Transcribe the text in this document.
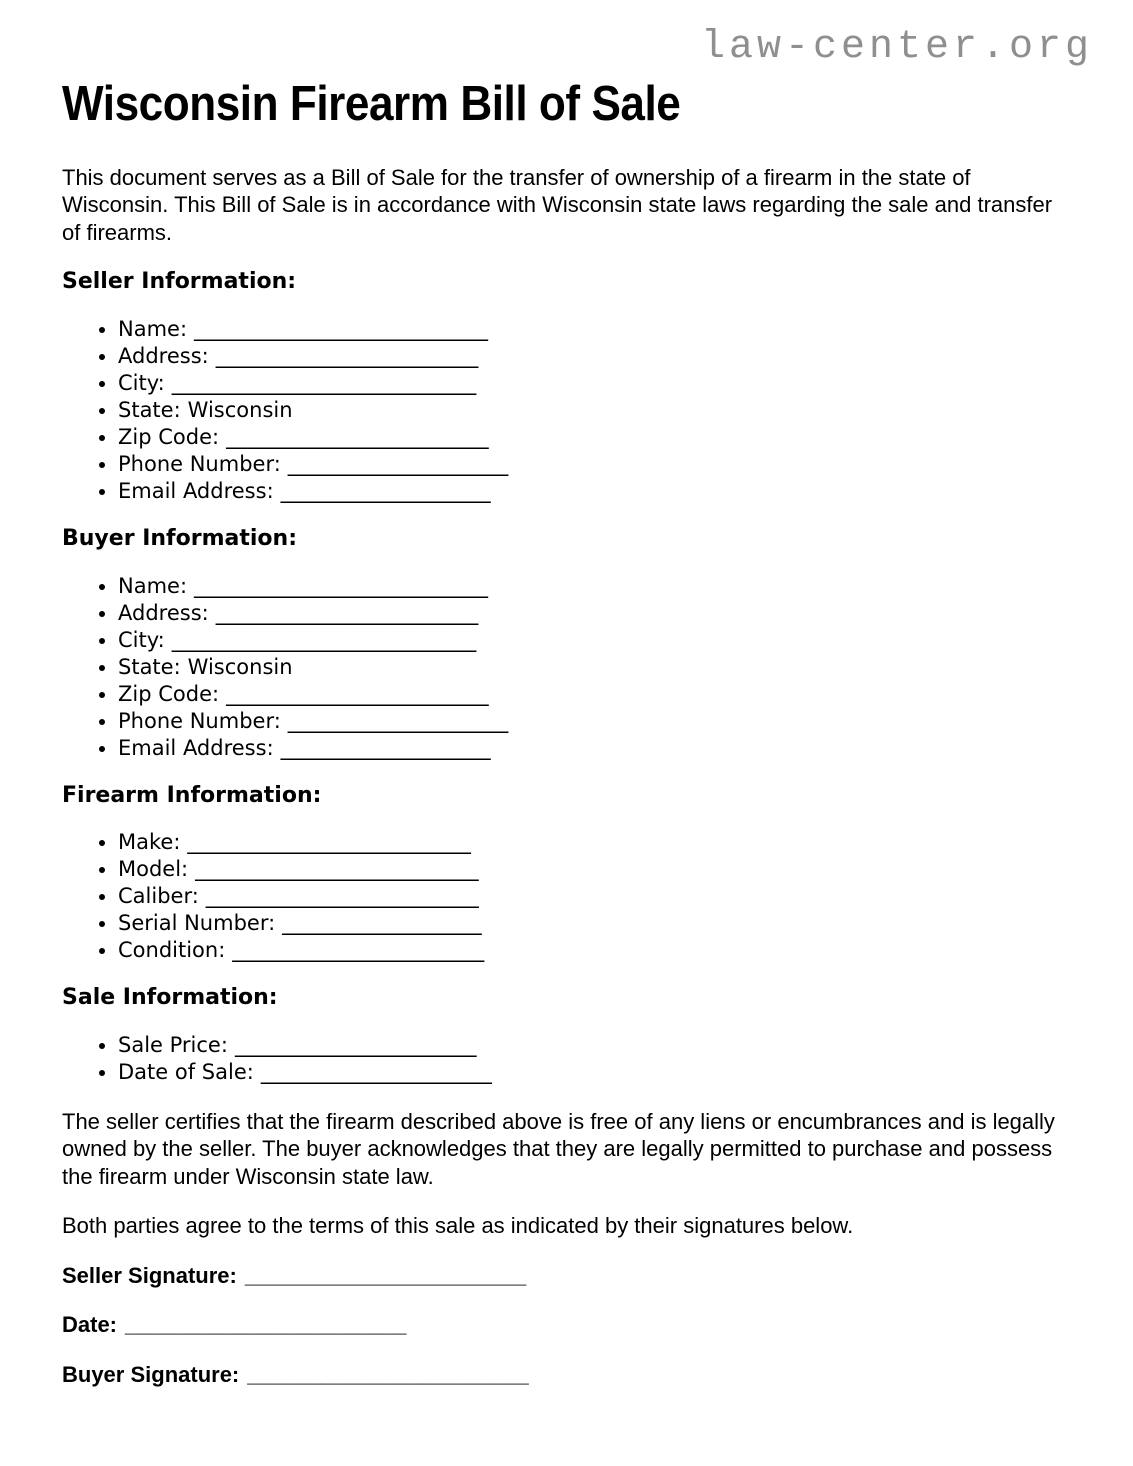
law-center.org
Wisconsin Firearm Bill of Sale

This document serves as a Bill of Sale for the transfer of ownership of a firearm in the state of Wisconsin. This Bill of Sale is in accordance with Wisconsin state laws regarding the sale and transfer of firearms.

Seller Information:
• Name: ____________________________
• Address: _________________________
• City: _____________________________
• State: Wisconsin
• Zip Code: _________________________
• Phone Number: _____________________
• Email Address: ____________________
Buyer Information:
• Name: ____________________________
• Address: _________________________
• City: _____________________________
• State: Wisconsin
• Zip Code: _________________________
• Phone Number: _____________________
• Email Address: ____________________
Firearm Information:
• Make: ___________________________
• Model: ___________________________
• Caliber: __________________________
• Serial Number: ___________________
• Condition: ________________________
Sale Information:
• Sale Price: _______________________
• Date of Sale: ______________________

The seller certifies that the firearm described above is free of any liens or encumbrances and is legally owned by the seller. The buyer acknowledges that they are legally permitted to purchase and possess the firearm under Wisconsin state law.

Both parties agree to the terms of this sale as indicated by their signatures below.

Seller Signature: _______________________

Date: _______________________

Buyer Signature: _______________________
